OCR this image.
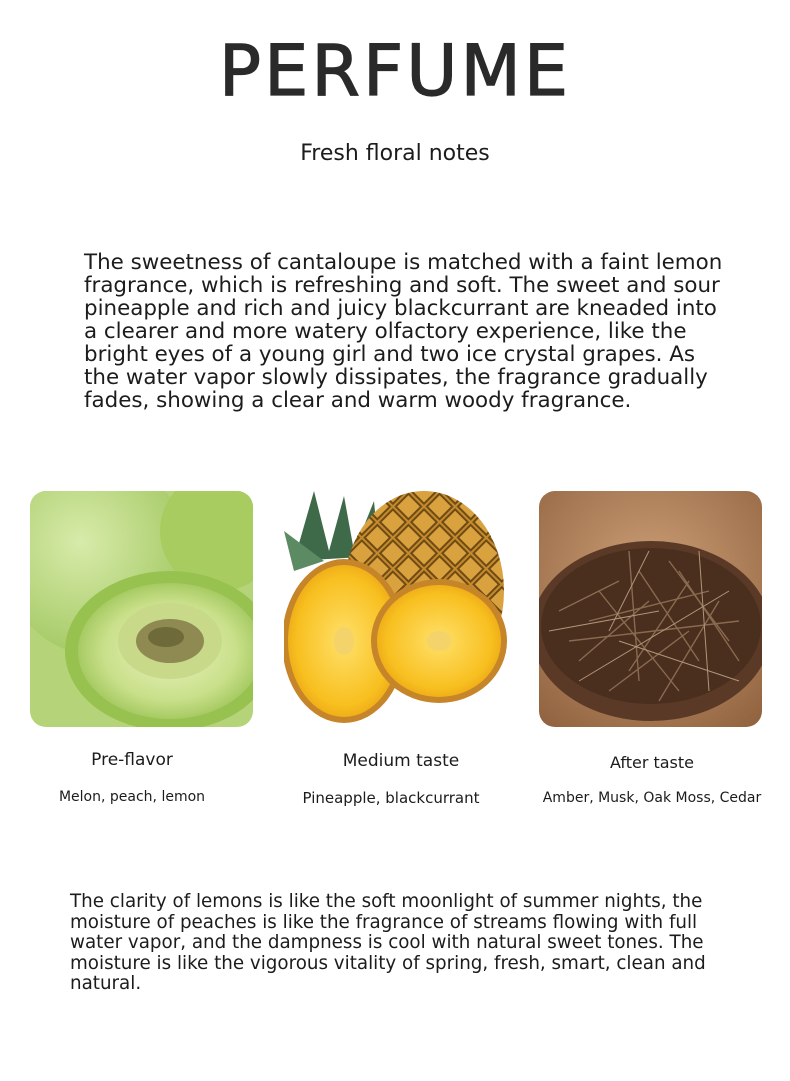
PERFUME
Fresh floral notes
The sweetness of cantaloupe is matched with a faint lemon fragrance, which is refreshing and soft. The sweet and sour pineapple and rich and juicy blackcurrant are kneaded into a clearer and more watery olfactory experience, like the bright eyes of a young girl and two ice crystal grapes. As the water vapor slowly dissipates, the fragrance gradually fades, showing a clear and warm woody fragrance.
Pre-flavor
Melon, peach, lemon
Medium taste
Pineapple, blackcurrant
After taste
Amber, Musk, Oak Moss, Cedar
The clarity of lemons is like the soft moonlight of summer nights, the moisture of peaches is like the fragrance of streams flowing with full water vapor, and the dampness is cool with natural sweet tones. The moisture is like the vigorous vitality of spring, fresh, smart, clean and natural.
